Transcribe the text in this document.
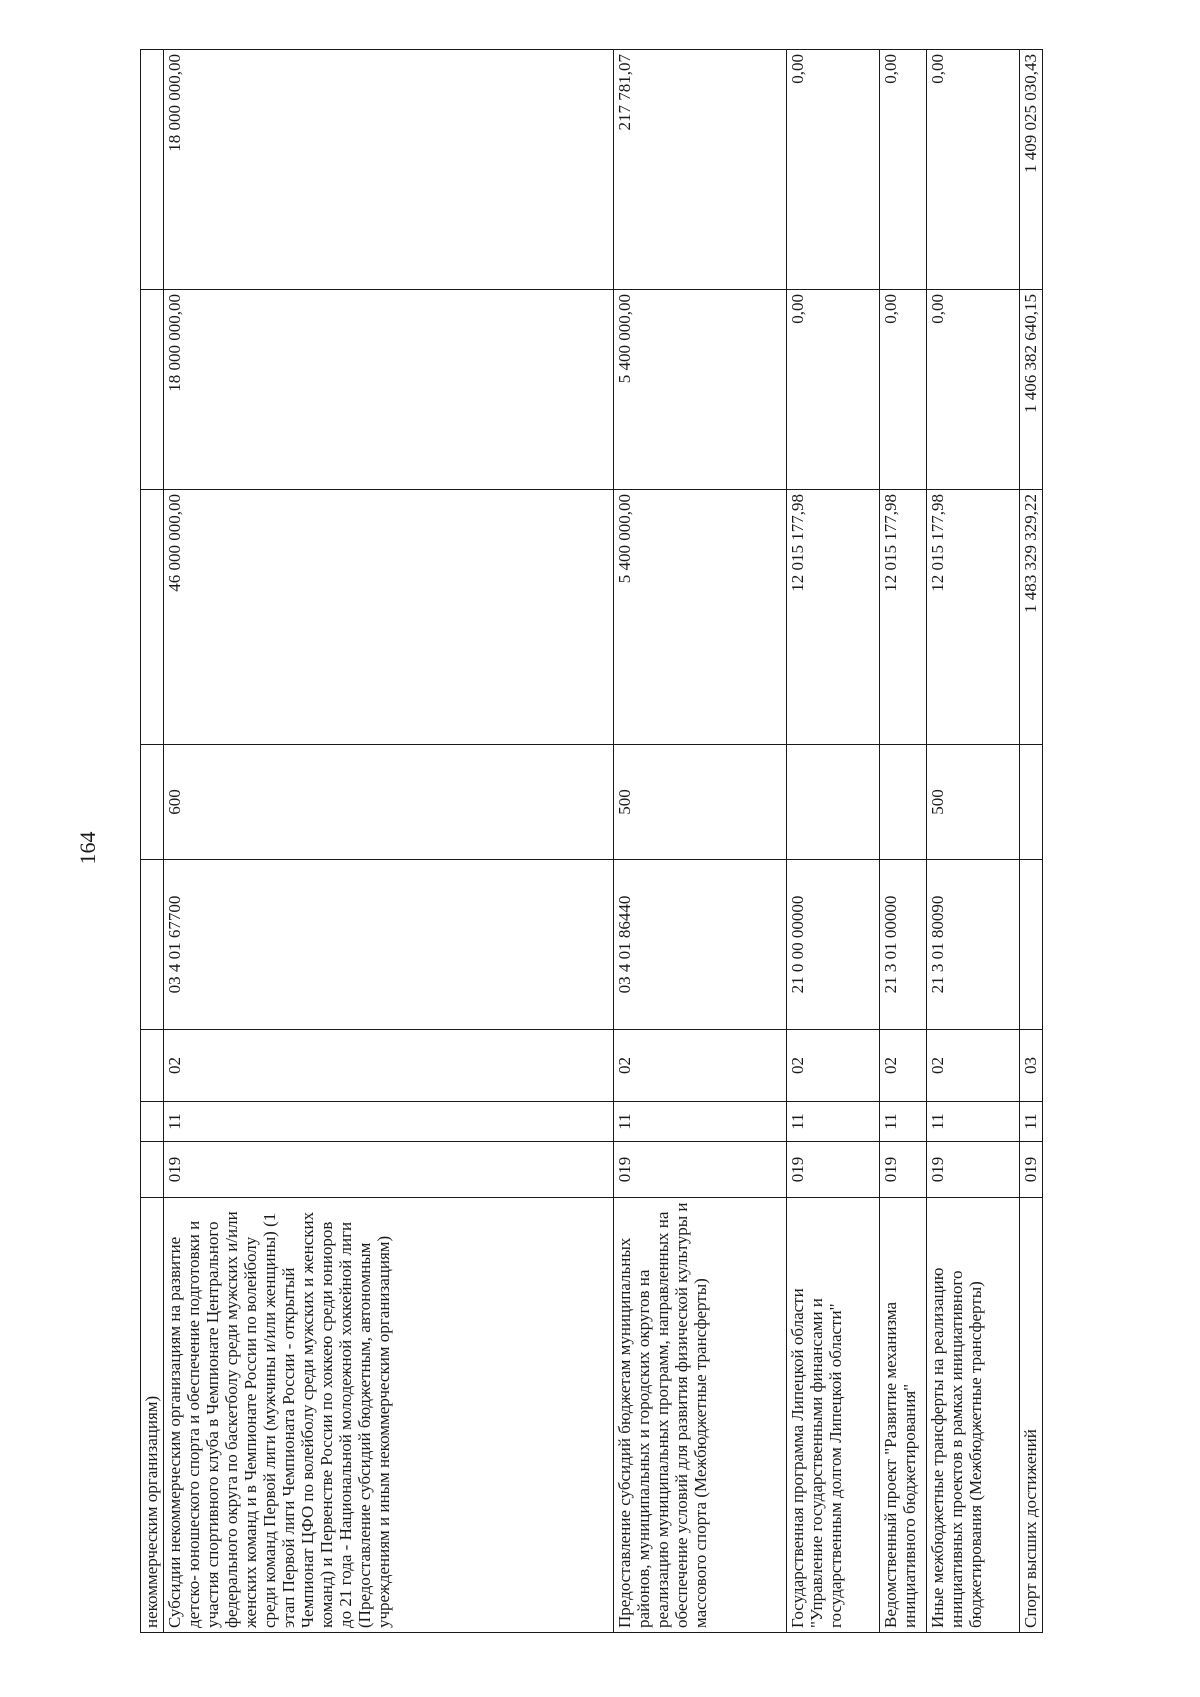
164
некоммерческим организациям)								
Субсидии некоммерческим организациям на развитие детско- юношеского спорта и обеспечение подготовки и участия спортивного клуба в Чемпионате Центрального федерального округа по баскетболу среди мужских и/или женских команд и в Чемпионате России по волейболу среди команд Первой лиги (мужчины и/или женщины) (1 этап Первой лиги Чемпионата России - открытый Чемпионат ЦФО по волейболу среди мужских и женских команд) и Первенстве России по хоккею среди юниоров до 21 года - Национальной молодежной хоккейной лиги (Предоставление субсидий бюджетным, автономным учреждениям и иным некоммерческим организациям)	019	11	02	03 4 01 67700	600	46 000 000,00	18 000 000,00	18 000 000,00
Предоставление субсидий бюджетам муниципальных районов, муниципальных и городских округов на реализацию муниципальных программ, направленных на обеспечение условий для развития физической культуры и массового спорта (Межбюджетные трансферты)	019	11	02	03 4 01 86440	500	5 400 000,00	5 400 000,00	217 781,07
Государственная программа Липецкой области "Управление государственными финансами и государственным долгом Липецкой области"	019	11	02	21 0 00 00000		12 015 177,98	0,00	0,00
Ведомственный проект "Развитие механизма инициативного бюджетирования"	019	11	02	21 3 01 00000		12 015 177,98	0,00	0,00
Иные межбюджетные трансферты на реализацию инициативных проектов в рамках инициативного бюджетирования (Межбюджетные трансферты)	019	11	02	21 3 01 80090	500	12 015 177,98	0,00	0,00
Спорт высших достижений	019	11	03			1 483 329 329,22	1 406 382 640,15	1 409 025 030,43
